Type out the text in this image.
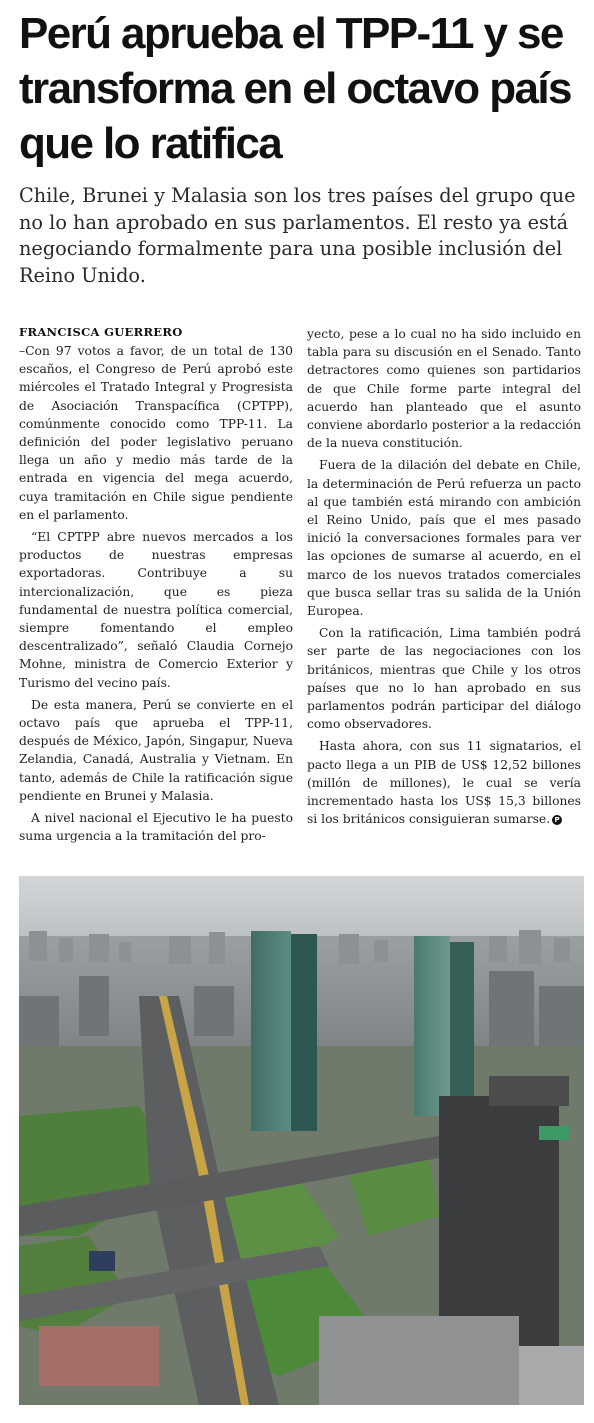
Perú aprueba el TPP-11 y se transforma en el octavo país que lo ratifica

Chile, Brunei y Malasia son los tres países del grupo que no lo han aprobado en sus parlamentos. El resto ya está negociando formalmente para una posible inclusión del Reino Unido.

FRANCISCA GUERRERO

–Con 97 votos a favor, de un total de 130 escaños, el Congreso de Perú aprobó este miércoles el Tratado Integral y Progresista de Asociación Transpacífica (CPTPP), comúnmente conocido como TPP-11. La definición del poder legislativo peruano llega un año y medio más tarde de la entrada en vigencia del mega acuerdo, cuya tramitación en Chile sigue pendiente en el parlamento.

“El CPTPP abre nuevos mercados a los productos de nuestras empresas exportadoras. Contribuye a su intercionalización, que es pieza fundamental de nuestra política comercial, siempre fomentando el empleo descentralizado”, señaló Claudia Cornejo Mohne, ministra de Comercio Exterior y Turismo del vecino país.

De esta manera, Perú se convierte en el octavo país que aprueba el TPP-11, después de México, Japón, Singapur, Nueva Zelandia, Canadá, Australia y Vietnam. En tanto, además de Chile la ratificación sigue pendiente en Brunei y Malasia.

A nivel nacional el Ejecutivo le ha puesto suma urgencia a la tramitación del pro-

yecto, pese a lo cual no ha sido incluido en tabla para su discusión en el Senado. Tanto detractores como quienes son partidarios de que Chile forme parte integral del acuerdo han planteado que el asunto conviene abordarlo posterior a la redacción de la nueva constitución.

Fuera de la dilación del debate en Chile, la determinación de Perú refuerza un pacto al que también está mirando con ambición el Reino Unido, país que el mes pasado inició la conversaciones formales para ver las opciones de sumarse al acuerdo, en el marco de los nuevos tratados comerciales que busca sellar tras su salida de la Unión Europea.

Con la ratificación, Lima también podrá ser parte de las negociaciones con los británicos, mientras que Chile y los otros países que no lo han aprobado en sus parlamentos podrán participar del diálogo como observadores.

Hasta ahora, con sus 11 signatarios, el pacto llega a un PIB de US$ 12,52 billones (millón de millones), le cual se vería incrementado hasta los US$ 15,3 billones si los británicos consiguieran sumarse. P
